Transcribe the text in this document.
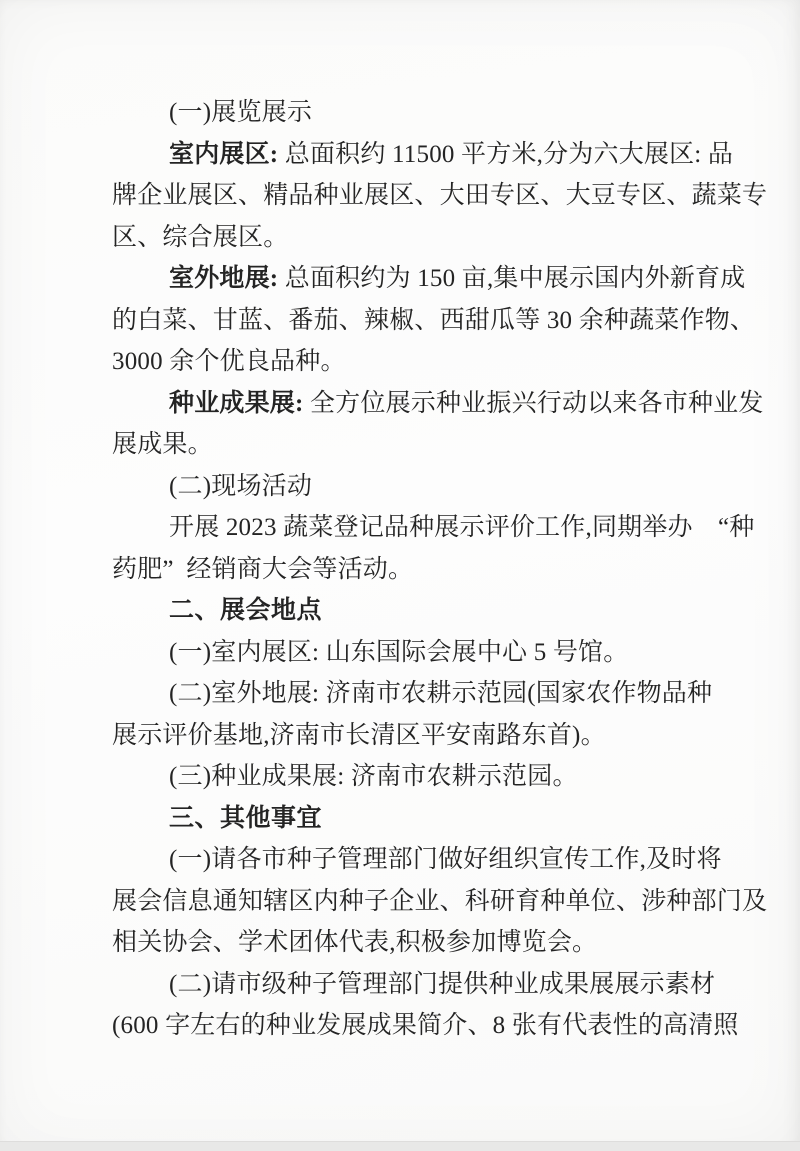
(一)展览展示
室内展区: 总面积约 11500 平方米,分为六大展区: 品
牌企业展区、精品种业展区、大田专区、大豆专区、蔬菜专
区、综合展区。
室外地展: 总面积约为 150 亩,集中展示国内外新育成
的白菜、甘蓝、番茄、辣椒、西甜瓜等 30 余种蔬菜作物、
3000 余个优良品种。
种业成果展: 全方位展示种业振兴行动以来各市种业发
展成果。
(二)现场活动
开展 2023 蔬菜登记品种展示评价工作,同期举办 “种
药肥” 经销商大会等活动。
二、展会地点
(一)室内展区: 山东国际会展中心 5 号馆。
(二)室外地展: 济南市农耕示范园(国家农作物品种
展示评价基地,济南市长清区平安南路东首)。
(三)种业成果展: 济南市农耕示范园。
三、其他事宜
(一)请各市种子管理部门做好组织宣传工作,及时将
展会信息通知辖区内种子企业、科研育种单位、涉种部门及
相关协会、学术团体代表,积极参加博览会。
(二)请市级种子管理部门提供种业成果展展示素材
(600 字左右的种业发展成果简介、8 张有代表性的高清照
